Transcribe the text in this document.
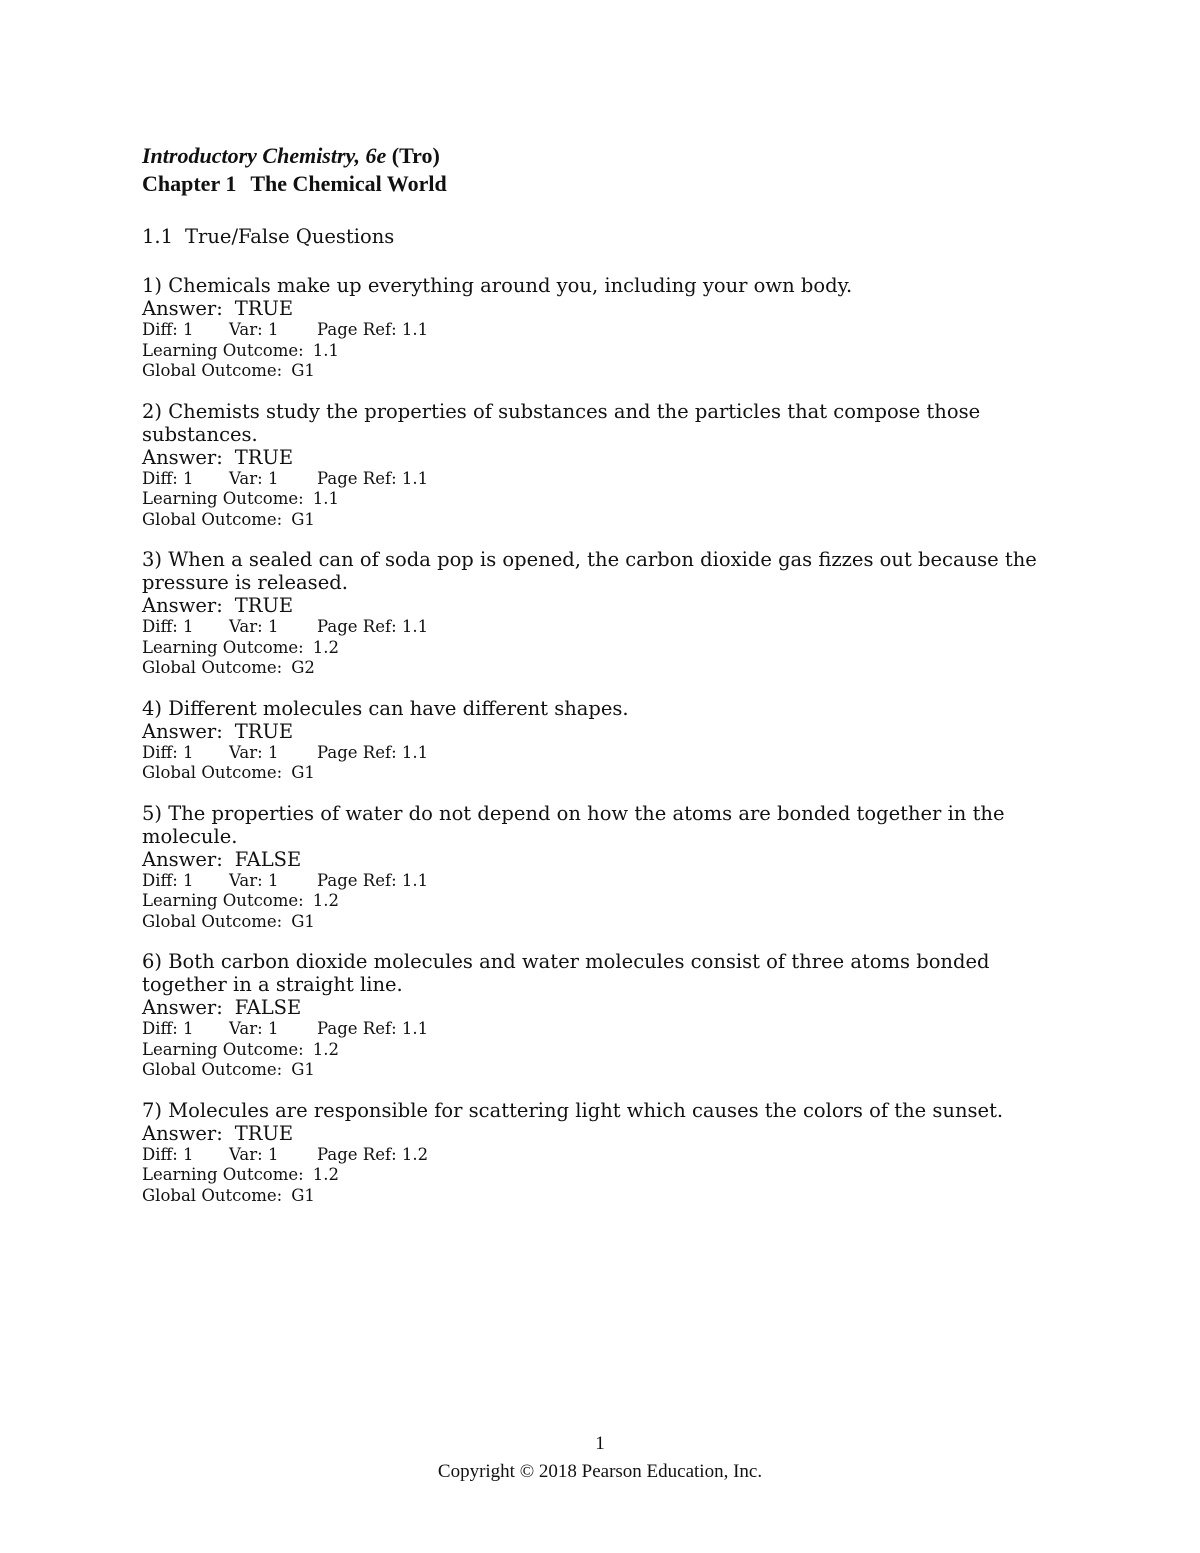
Introductory Chemistry, 6e (Tro)
Chapter 1 The Chemical World
1.1 True/False Questions
1) Chemicals make up everything around you, including your own body.
Answer: TRUE
Diff: 1	Var: 1	Page Ref: 1.1
Learning Outcome: 1.1
Global Outcome: G1
2) Chemists study the properties of substances and the particles that compose those substances.
Answer: TRUE
Diff: 1	Var: 1	Page Ref: 1.1
Learning Outcome: 1.1
Global Outcome: G1
3) When a sealed can of soda pop is opened, the carbon dioxide gas fizzes out because the pressure is released.
Answer: TRUE
Diff: 1	Var: 1	Page Ref: 1.1
Learning Outcome: 1.2
Global Outcome: G2
4) Different molecules can have different shapes.
Answer: TRUE
Diff: 1	Var: 1	Page Ref: 1.1
Global Outcome: G1
5) The properties of water do not depend on how the atoms are bonded together in the molecule.
Answer: FALSE
Diff: 1	Var: 1	Page Ref: 1.1
Learning Outcome: 1.2
Global Outcome: G1
6) Both carbon dioxide molecules and water molecules consist of three atoms bonded together in a straight line.
Answer: FALSE
Diff: 1	Var: 1	Page Ref: 1.1
Learning Outcome: 1.2
Global Outcome: G1
7) Molecules are responsible for scattering light which causes the colors of the sunset.
Answer: TRUE
Diff: 1	Var: 1	Page Ref: 1.2
Learning Outcome: 1.2
Global Outcome: G1
1
Copyright © 2018 Pearson Education, Inc.
